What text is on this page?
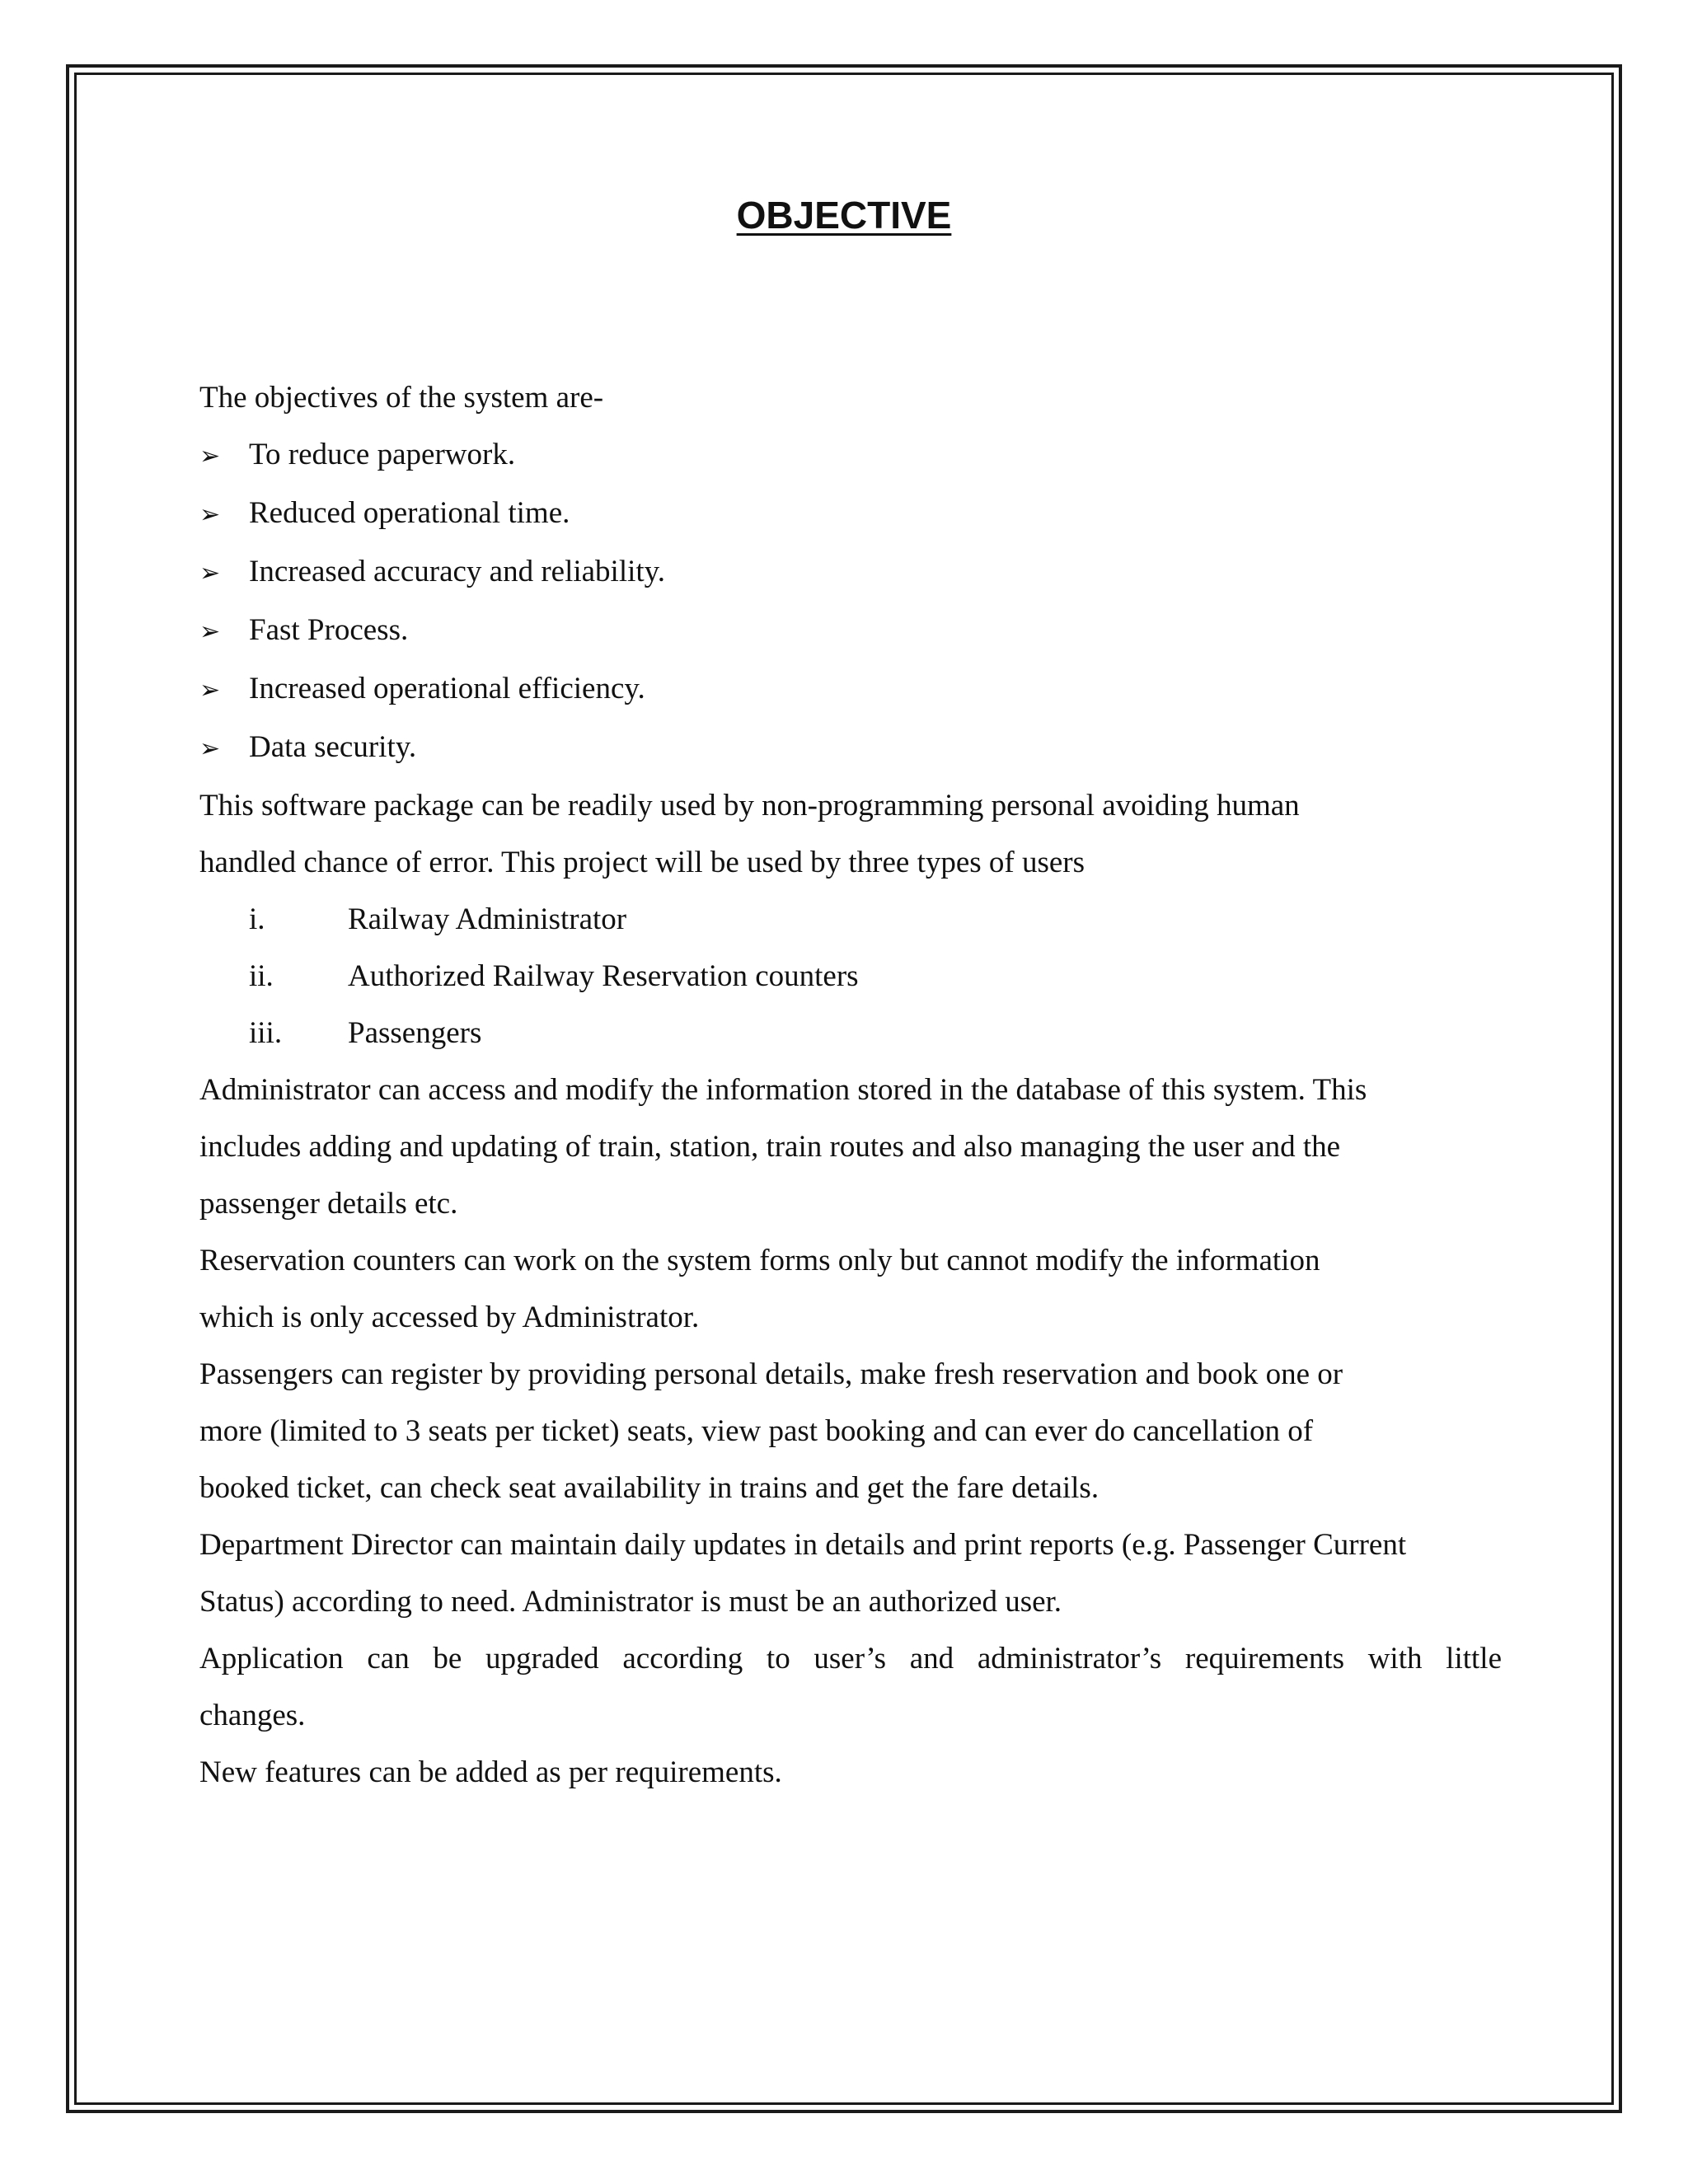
OBJECTIVE

The objectives of the system are-

➢ To reduce paperwork.
➢ Reduced operational time.
➢ Increased accuracy and reliability.
➢ Fast Process.
➢ Increased operational efficiency.
➢ Data security.

This software package can be readily used by non-programming personal avoiding human

handled chance of error. This project will be used by three types of users

i.	Railway Administrator
ii.	Authorized Railway Reservation counters
iii.	Passengers

Administrator can access and modify the information stored in the database of this system. This

includes adding and updating of train, station, train routes and also managing the user and the

passenger details etc.

Reservation counters can work on the system forms only but cannot modify the information

which is only accessed by Administrator.

Passengers can register by providing personal details, make fresh reservation and book one or

more (limited to 3 seats per ticket) seats, view past booking and can ever do cancellation of

booked ticket, can check seat availability in trains and get the fare details.

Department Director can maintain daily updates in details and print reports (e.g. Passenger Current

Status) according to need. Administrator is must be an authorized user.

Application can be upgraded according to user’s and administrator’s requirements with little

changes.

New features can be added as per requirements.
